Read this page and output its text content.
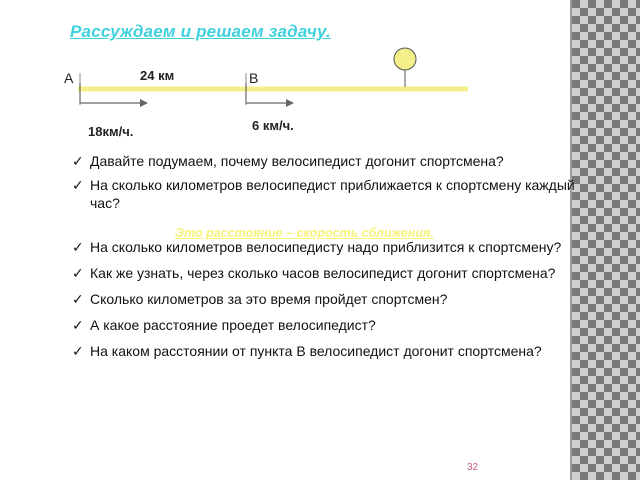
Рассуждаем и решаем задачу.
А	В
24 км
18км/ч.	6 км/ч.
✓ Давайте подумаем, почему велосипедист догонит спортсмена?
✓ На сколько километров велосипедист приближается к спортсмену каждый час?
✓ На сколько километров велосипедисту надо приблизится к спортсмену?
✓ Как же узнать, через сколько часов велосипедист догонит спортсмена?
✓ Сколько километров за это время пройдет спортсмен?
✓ А какое расстояние проедет велосипедист?
✓ На каком расстоянии от пункта В велосипедист догонит спортсмена?
Это расстояние – скорость сближения.
32
